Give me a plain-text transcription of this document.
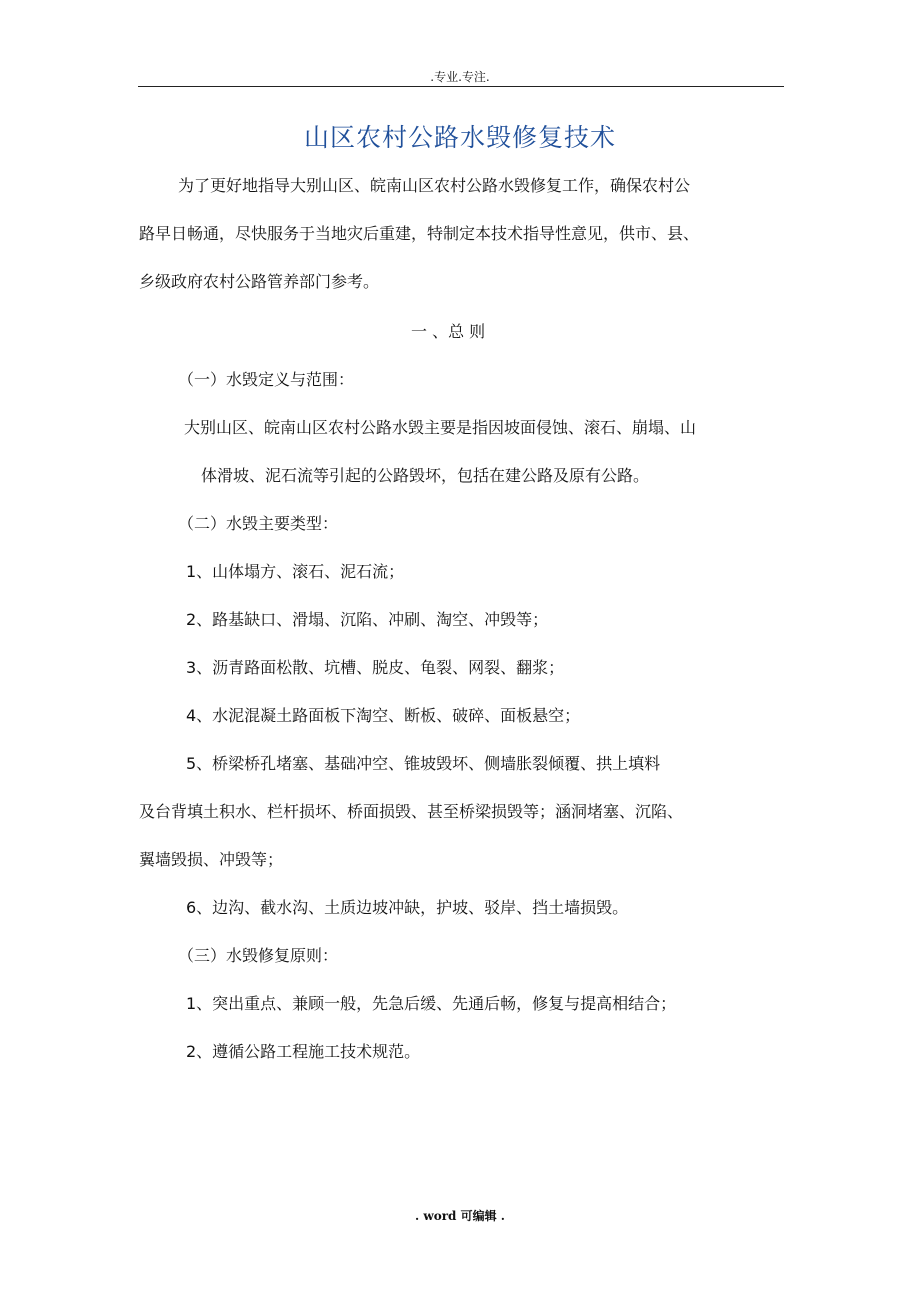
.专业.专注.
山区农村公路水毁修复技术
为了更好地指导大别山区、皖南山区农村公路水毁修复工作，确保农村公
路早日畅通，尽快服务于当地灾后重建，特制定本技术指导性意见，供市、县、
乡级政府农村公路管养部门参考。
一 、总 则
（一）水毁定义与范围：
大别山区、皖南山区农村公路水毁主要是指因坡面侵蚀、滚石、崩塌、山
体滑坡、泥石流等引起的公路毁坏，包括在建公路及原有公路。
（二）水毁主要类型：
1、山体塌方、滚石、泥石流；
2、路基缺口、滑塌、沉陷、冲刷、淘空、冲毁等；
3、沥青路面松散、坑槽、脱皮、龟裂、网裂、翻浆；
4、水泥混凝土路面板下淘空、断板、破碎、面板悬空；
5、桥梁桥孔堵塞、基础冲空、锥坡毁坏、侧墙胀裂倾覆、拱上填料
及台背填土积水、栏杆损坏、桥面损毁、甚至桥梁损毁等；涵洞堵塞、沉陷、
翼墙毁损、冲毁等；
6、边沟、截水沟、土质边坡冲缺，护坡、驳岸、挡土墙损毁。
（三）水毁修复原则：
1、突出重点、兼顾一般，先急后缓、先通后畅，修复与提高相结合；
2、遵循公路工程施工技术规范。
. word 可编辑 .
